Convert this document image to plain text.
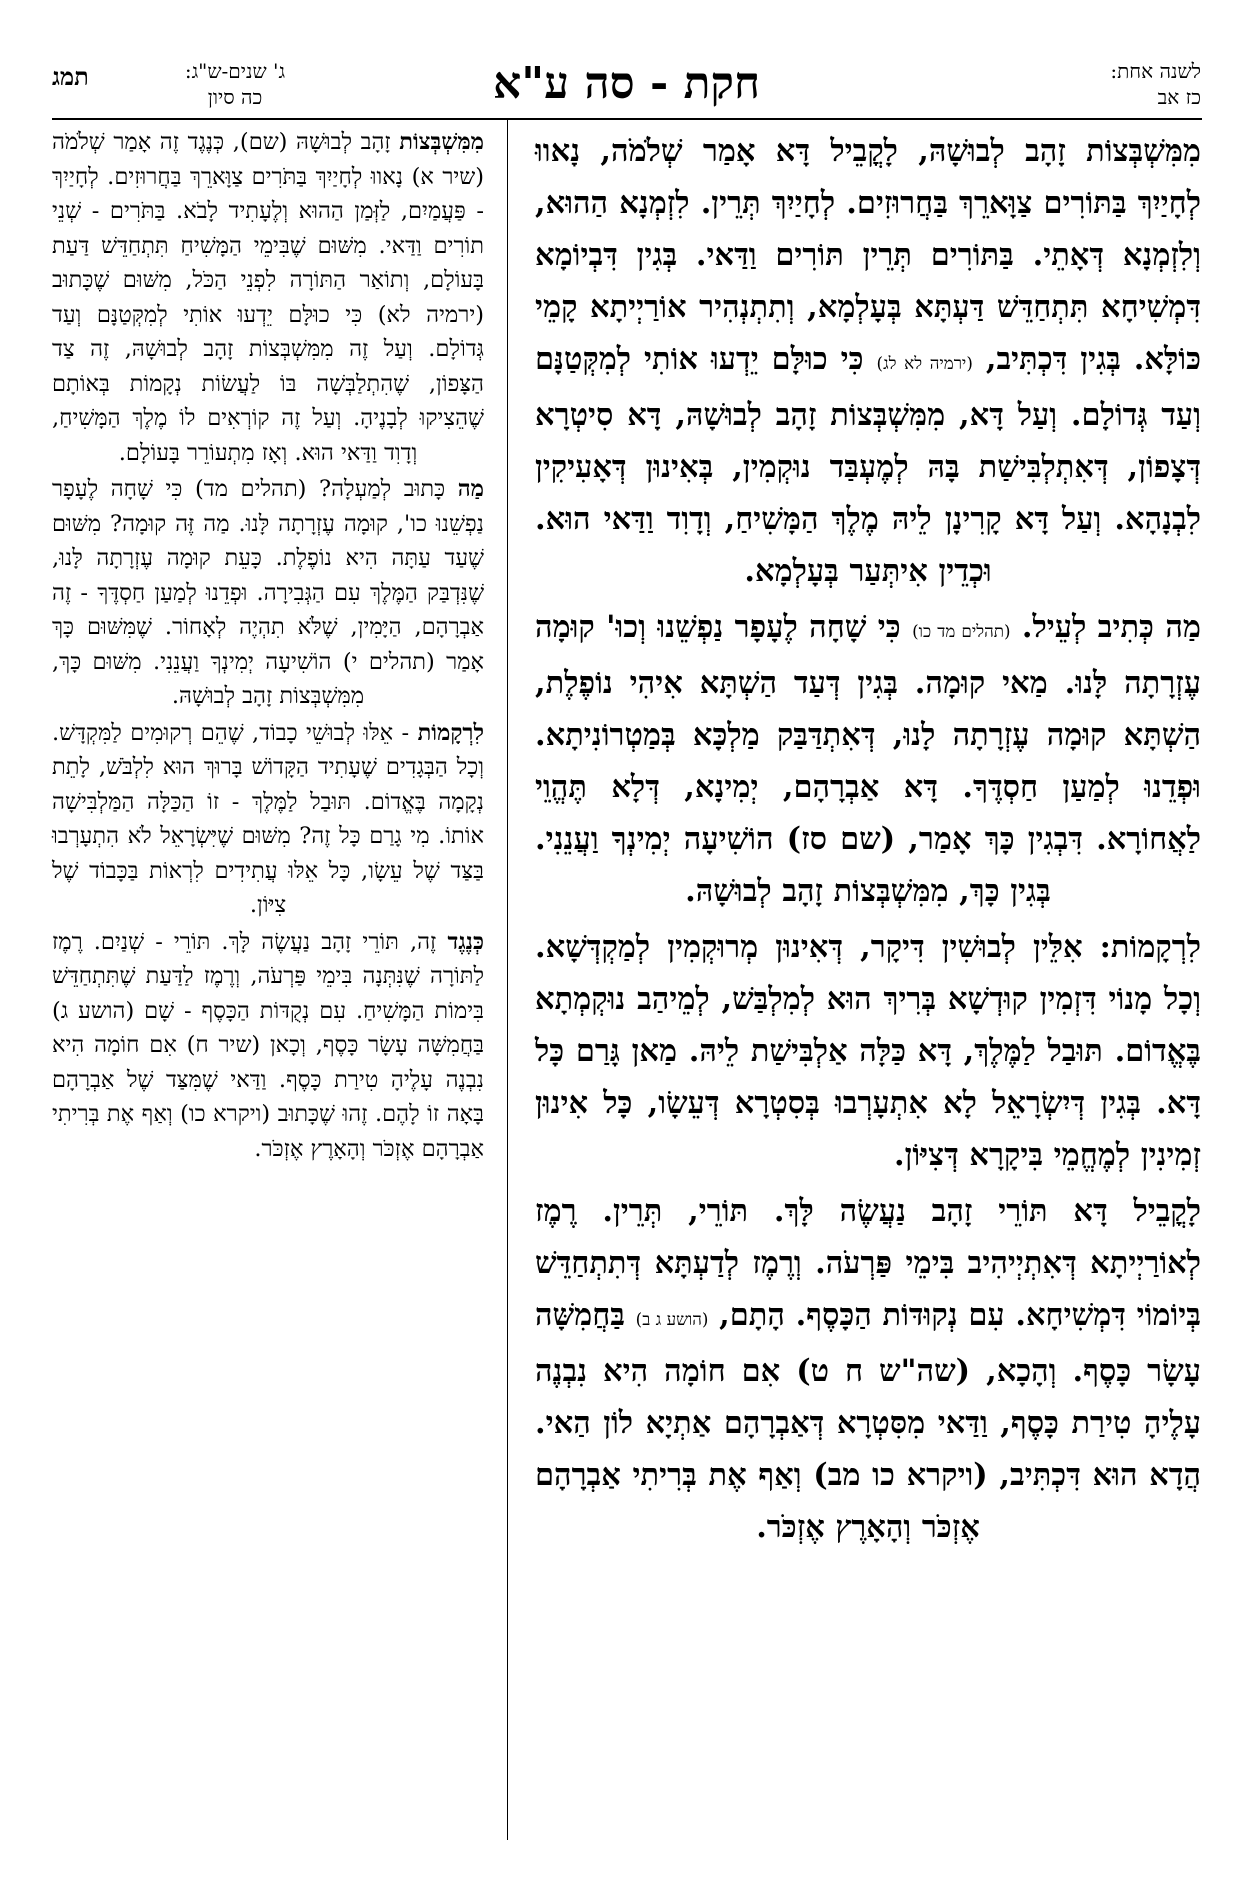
לשנה אחת:
כז אב
חקת - סה ע"א
ג' שנים-ש"ג:
כה סיון
תמג

מִמִּשְׁבְּצוֹת זָהָב לְבוּשָׁהּ, לָקֳבֵיל דָּא אָמַר שְׁלֹמֹה, נָאווּ לְחָיַיִךְ בַּתּוֹרִים צַוָּארֵךְ בַּחֲרוּזִים. לְחָיַיִךְ תְּרֵין. לִזְמְנָא הַהוּא, וְלִזְמְנָא דְּאָתֵי. בַּתּוֹרִים תְּרֵין תּוֹרִים וַדַּאי. בְּגִין דִּבְיוֹמָא דִּמְשִׁיחָא תִּתְחַדֵּשׁ דַּעְתָּא בְּעָלְמָא, וְתִתְנְהִיר אוֹרַיְיתָא קָמֵי כּוֹלָּא. בְּגִין דִּכְתִּיב, (ירמיה לא לג) כִּי כוּלָּם יֵדְעוּ אוֹתִי לְמִקְּטַנָּם וְעַד גְּדוֹלָם. וְעַל דָּא, מִמִּשְׁבְּצוֹת זָהָב לְבוּשָׁהּ, דָּא סִיטְרָא דְּצָפוֹן, דְּאִתְלְבִּישַׁת בָּהּ לְמֶעְבַּד נוּקְמִין, בְּאִינוּן דְּאָעִיקִין לִבְנָהָא. וְעַל דָּא קָרִינָן לֵיהּ מֶלֶךְ הַמָּשִׁיחַ, וְדָוִד וַדַּאי הוּא. וּכְדֵין אִיתְּעַר בְּעָלְמָא.

מַה כְּתִיב לְעֵיל. (תהלים מד כו) כִּי שָׁחָה לֶעָפָר נַפְשֵׁנוּ וְכוּ' קוּמָה עֶזְרָתָה לָּנוּ. מַאי קוּמָה. בְּגִין דְּעַד הַשְׁתָּא אִיהִי נוֹפֶלֶת, הַשְׁתָּא קוּמָה עֶזְרָתָה לָנוּ, דְּאִתְדַּבַּק מַלְכָּא בְּמַטְרוֹנִיתָא. וּפְדֵנוּ לְמַעַן חַסְדֶּךָ. דָּא אַבְרָהָם, יְמִינָא, דְּלָא תֶּהֱוֵי לַאֲחוֹרָא. דִּבְגִין כָּךְ אָמַר, (שם סז) הוֹשִׁיעָה יְמִינְךָ וַעֲנֵנִי. בְּגִין כָּךְ, מִמִּשְׁבְּצוֹת זָהָב לְבוּשָׁהּ.

לִרְקָמוֹת: אִלֵּין לְבוּשִׁין דִּיקָר, דְּאִינוּן מְרוּקְמִין לְמַקְדְּשָׁא. וְכָל מָנוֹי דִּזְמִין קוּדְשָׁא בְּרִיךְ הוּא לְמִלְבַּשׁ, לְמֵיהַב נוּקְמְתָא בֶּאֱדוֹם. תּוּבַל לַמֶּלֶךְ, דָּא כַּלָּה אַלְבִּישַׁת לֵיהּ. מַאן גָּרַם כָּל דָּא. בְּגִין דְּיִשְׂרָאֵל לָא אִתְעָרְבוּ בְּסִטְרָא דְּעֵשָׂו, כָּל אִינוּן זְמִינִין לְמֶחֱמֵי בִּיקָרָא דְּצִיּוֹן.

לָקֳבֵיל דָּא תּוֹרֵי זָהָב נַעֲשֶׂה לָּךְ. תּוֹרֵי, תְּרֵין. רֶמֶז לְאוֹרַיְיתָא דְּאִתְיְיהִיב בִּימֵי פַּרְעֹה. וְרֶמֶז לְדַעְתָּא דְּתִתְחַדֵּשׁ בְּיוֹמוֹי דִּמְשִׁיחָא. עִם נְקוּדּוֹת הַכָּסֶף. הָתָם, (הושע ג ב) בַּחֲמִשָּׁה עָשָׂר כָּסֶף. וְהָכָא, (שה"ש ח ט) אִם חוֹמָה הִיא נִבְנֶה עָלֶיהָ טִירַת כָּסֶף, וַדַּאי מִסִּטְרָא דְּאַבְרָהָם אַתְיָא לוֹן הַאי. הֲדָא הוּא דִּכְתִּיב, (ויקרא כו מב) וְאַף אֶת בְּרִיתִי אַבְרָהָם אֶזְכֹּר וְהָאָרֶץ אֶזְכֹּר.

מִמִּשְׁבְּצוֹת זָהָב לְבוּשָׁהּ (שם), כְּנֶגֶד זֶה אָמַר שְׁלֹמֹה (שיר א) נָאווּ לְחָיַיִךְ בַּתֹּרִים צַוָּארֵךְ בַּחֲרוּזִים. לְחָיַיִךְ - פַּעֲמַיִם, לַזְּמַן הַהוּא וְלֶעָתִיד לָבֹא. בַּתֹּרִים - שְׁנֵי תוֹרִים וַדַּאי. מִשּׁוּם שֶׁבִּימֵי הַמָּשִׁיחַ תִּתְחַדֵּשׁ דַּעַת בָּעוֹלָם, וְתוֹאַר הַתּוֹרָה לִפְנֵי הַכֹּל, מִשּׁוּם שֶׁכָּתוּב (ירמיה לא) כִּי כוּלָּם יֵדְעוּ אוֹתִי לְמִקְּטַנָּם וְעַד גְּדוֹלָם. וְעַל זֶה מִמִּשְׁבְּצוֹת זָהָב לְבוּשָׁהּ, זֶה צַד הַצָּפוֹן, שֶׁהִתְלַבְּשָׁה בּוֹ לַעֲשׂוֹת נְקָמוֹת בְּאוֹתָם שֶׁהֵצִיקוּ לְבָנֶיהָ. וְעַל זֶה קוֹרְאִים לוֹ מֶלֶךְ הַמָּשִׁיחַ, וְדָוִד וַדַּאי הוּא. וְאָז מִתְעוֹרֵר בָּעוֹלָם.

מַה כָּתוּב לְמַעְלָה? (תהלים מד) כִּי שָׁחָה לֶעָפָר נַפְשֵׁנוּ כו', קוּמָה עֶזְרָתָה לָּנוּ. מַה זֶּה קוּמָה? מִשּׁוּם שֶׁעַד עַתָּה הִיא נוֹפֶלֶת. כָּעֵת קוּמָה עֶזְרָתָה לָּנוּ, שֶׁנִּדְבַּק הַמֶּלֶךְ עִם הַגְּבִירָה. וּפְדֵנוּ לְמַעַן חַסְדֶּךָ - זֶה אַבְרָהָם, הַיָּמִין, שֶׁלֹּא תִהְיֶה לְאָחוֹר. שֶׁמִּשּׁוּם כָּךְ אָמַר (תהלים י) הוֹשִׁיעָה יְמִינְךָ וַעֲנֵנִי. מִשּׁוּם כָּךְ, מִמִּשְׁבְּצוֹת זָהָב לְבוּשָׁהּ.

לִרְקָמוֹת - אֵלּוּ לְבוּשֵׁי כָבוֹד, שֶׁהֵם רְקוּמִים לַמִּקְדָּשׁ. וְכָל הַבְּגָדִים שֶׁעָתִיד הַקָּדוֹשׁ בָּרוּךְ הוּא לִלְבֹּשׁ, לָתֵת נְקָמָה בֶּאֱדוֹם. תּוּבַל לַמֶּלֶךְ - זוֹ הַכַּלָּה הַמַּלְבִּישָׁה אוֹתוֹ. מִי גָרַם כָּל זֶה? מִשּׁוּם שֶׁיִּשְׂרָאֵל לֹא הִתְעָרְבוּ בַּצַּד שֶׁל עֵשָׂו, כָּל אֵלּוּ עֲתִידִים לִרְאוֹת בַּכָּבוֹד שֶׁל צִיּוֹן.

כְּנֶגֶד זֶה, תּוֹרֵי זָהָב נַעֲשֶׂה לָּךְ. תּוֹרֵי - שְׁנַיִם. רֶמֶז לַתּוֹרָה שֶׁנִּתְּנָה בִּימֵי פַּרְעֹה, וְרֶמֶז לַדַּעַת שֶׁתִּתְחַדֵּשׁ בִּימוֹת הַמָּשִׁיחַ. עִם נְקֻדּוֹת הַכָּסֶף - שָׁם (הושע ג) בַּחֲמִשָּׁה עָשָׂר כָּסֶף, וְכָאן (שיר ח) אִם חוֹמָה הִיא נִבְנֶה עָלֶיהָ טִירַת כָּסֶף. וַדַּאי שֶׁמִּצַּד שֶׁל אַבְרָהָם בָּאָה זוֹ לָהֶם. זֶהוּ שֶׁכָּתוּב (ויקרא כו) וְאַף אֶת בְּרִיתִי אַבְרָהָם אֶזְכֹּר וְהָאָרֶץ אֶזְכֹּר.
